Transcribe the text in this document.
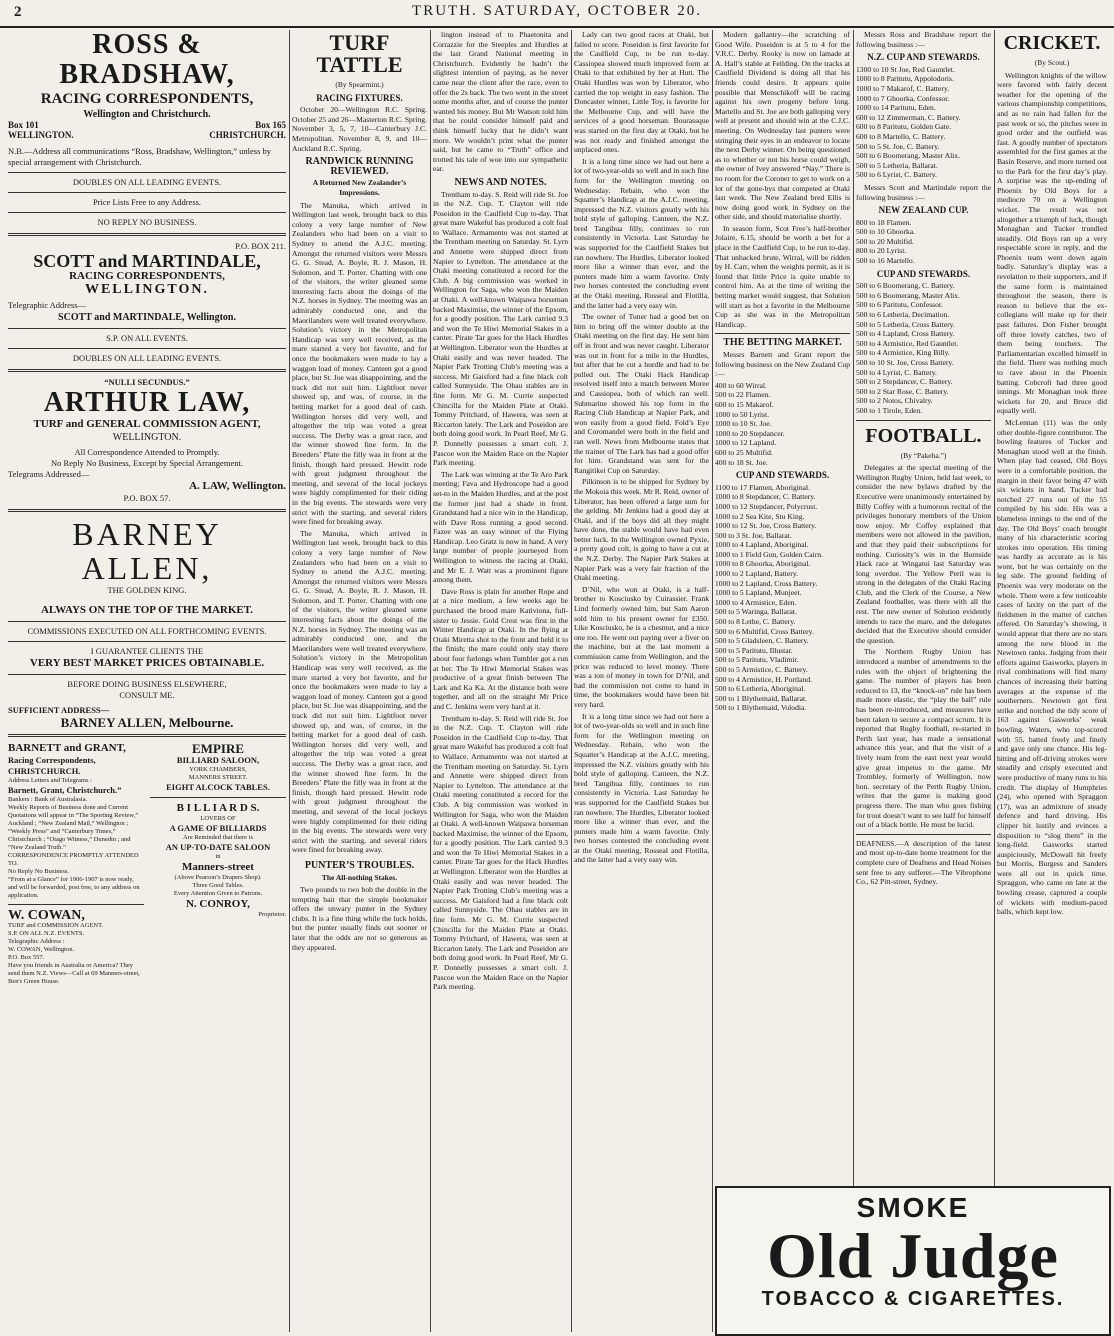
2	TRUTH. SATURDAY, OCTOBER 20.
ROSS & BRADSHAW,
RACING CORRESPONDENTS,
Wellington and Christchurch.
Box 101	Box 165
WELLINGTON.	CHRISTCHURCH.
N.B.—Address all communications “Ross, Bradshaw, Wellington,” unless by special arrangement with Christchurch.
DOUBLES ON ALL LEADING EVENTS.
Price Lists Free to any Address.
NO REPLY NO BUSINESS.
P.O. BOX 211.
SCOTT and MARTINDALE,
RACING CORRESPONDENTS,
WELLINGTON.
Telegraphic Address—
SCOTT and MARTINDALE, Wellington.
S.P. ON ALL EVENTS.
DOUBLES ON ALL LEADING EVENTS.
“NULLI SECUNDUS.”
ARTHUR LAW,
TURF and GENERAL COMMISSION AGENT,
WELLINGTON.
All Correspondence Attended to Promptly.
No Reply No Business, Except by Special Arrangement.
Telegrams Addressed—
A. LAW, Wellington.
P.O. BOX 57.
BARNEY ALLEN,
THE GOLDEN KING.
ALWAYS ON THE TOP OF THE MARKET.
COMMISSIONS EXECUTED ON ALL FORTHCOMING EVENTS.
I GUARANTEE CLIENTS THE
VERY BEST MARKET PRICES OBTAINABLE.
BEFORE DOING BUSINESS ELSEWHERE,
CONSULT ME.
SUFFICIENT ADDRESS—
BARNEY ALLEN, Melbourne.
BARNETT and GRANT,
Racing Correspondents,
CHRISTCHURCH.
Address Letters and Telegrams :
Barnett, Grant, Christchurch.”
Bankers : Bank of Australasia.
Weekly Reports of Business done and Current Quotations will appear in “The Sporting Review,” Auckland ; “New Zealand Mail,” Wellington ; “Weekly Press” and “Canterbury Times,” Christchurch ; “Otago Witness,” Dunedin ; and “New Zealand Truth.”
CORRESPONDENCE PROMPTLY ATTENDED TO.
No Reply No Business.
“From at a Glance” for 1906-1907 is now ready, and will be forwarded, post free, to any address on application.
W. COWAN,
TURF and COMMISSION AGENT.
S.P. ON ALL N.Z. EVENTS.
Telegraphic Address :
W. COWAN, Wellington.
P.O. Box 557.
Have you friends in Australia or America? They send them N.Z. Views—Call at 69 Manners-street, Ben's Green House.
EMPIRE
BILLIARD SALOON,
YORK CHAMBERS,
MANNERS STREET.
EIGHT ALCOCK TABLES.
B I L L I A R D S.
LOVERS OF
A GAME OF BILLIARDS
Are Reminded that there is
AN UP-TO-DATE SALOON
in
Manners-street
(Above Pearson’s Drapers Shop).
Three Good Tables.
Every Attention Given to Patrons.
N. CONROY,
Proprietor.
TURF TATTLE
(By Spearmint.)
RACING FIXTURES.

October 20—Wellington R.C. Spring. October 25 and 26—Masterton R.C. Spring. November 3, 5, 7, 10—Canterbury J.C. Metropolitan. November 8, 9, and 10—Auckland R.C. Spring.

RANDWICK RUNNING REVIEWED.
A Returned New Zealander’s Impressions.

The Manuka, which arrived in Wellington last week, brought back to this colony a very large number of New Zealanders who had been on a visit to Sydney to attend the A.J.C. meeting. Amongst the returned visitors were Messrs G. G. Stead, A. Boyle, R. J. Mason, H. Solomon, and T. Porter. Chatting with one of the visitors, the writer gleaned some interesting facts about the doings of the N.Z. horses in Sydney. The meeting was an admirably conducted one, and the Maorilanders were well treated everywhere. Solution’s victory in the Metropolitan Handicap was very well received, as the mare started a very hot favorite, and for once the bookmakers were made to lay a waggon load of money. Canteen got a good place, but St. Joe was disappointing, and the track did not suit him. Lightfoot never showed up, and was, of course, in the betting market for a good deal of cash. Wellington horses did very well, and altogether the trip was voted a great success. The Derby was a great race, and the winner showed fine form. In the Breeders’ Plate the filly was in front at the finish, though hard pressed. Hewitt rode with great judgment throughout the meeting, and several of the local jockeys were highly complimented for their riding in the big events. The stewards were very strict with the starting, and several riders were fined for breaking away.

The Manuka, which arrived in Wellington last week, brought back to this colony a very large number of New Zealanders who had been on a visit to Sydney to attend the A.J.C. meeting. Amongst the returned visitors were Messrs G. G. Stead, A. Boyle, R. J. Mason, H. Solomon, and T. Porter. Chatting with one of the visitors, the writer gleaned some interesting facts about the doings of the N.Z. horses in Sydney. The meeting was an admirably conducted one, and the Maorilanders were well treated everywhere. Solution’s victory in the Metropolitan Handicap was very well received, as the mare started a very hot favorite, and for once the bookmakers were made to lay a waggon load of money. Canteen got a good place, but St. Joe was disappointing, and the track did not suit him. Lightfoot never showed up, and was, of course, in the betting market for a good deal of cash. Wellington horses did very well, and altogether the trip was voted a great success. The Derby was a great race, and the winner showed fine form. In the Breeders’ Plate the filly was in front at the finish, though hard pressed. Hewitt rode with great judgment throughout the meeting, and several of the local jockeys were highly complimented for their riding in the big events. The stewards were very strict with the starting, and several riders were fined for breaking away.

PUNTER’S TROUBLES.
The All-nothing Stakes.

Two pounds to two bob the double in the tempting bait that the simple bookmaker offers the unwary punter in the Sydney clubs. It is a fine thing while the luck holds, but the punter usually finds out sooner or later that the odds are not so generous as they appeared.

lington instead of to Phaetonita and Corrazzie for the Steeples and Hurdles at the last Grand National meeting in Christchurch. Evidently he hadn’t the slightest intention of paying, as he never came near the client after the race, even to offer the 2s back. The two went in the street some months after, and of course the punter wanted his money. But Mr Watson told him that he could consider himself paid and think himself lucky that he didn’t want more. We wouldn’t print what the punter said, but he came to “Truth” office and trotted his tale of woe into our sympathetic ear.

NEWS AND NOTES.

Trentham to-day. S. Reid will ride St. Joe in the N.Z. Cup. T. Clayton will ride Poseidon in the Caulfield Cup to-day. That great mare Wakeful has produced a colt foal to Wallace. Armamento was not started at the Trentham meeting on Saturday. St. Lyrn and Annette were shipped direct from Napier to Lyttelton. The attendance at the Otaki meeting constituted a record for the Club. A big commission was worked in Wellington for Saga, who won the Maiden at Otaki. A well-known Waipawa horseman backed Maximise, the winner of the Epsom, for a goodly position. The Lark carried 9.3 and won the Te Hiwi Memorial Stakes in a canter. Pirate Tar goes for the Hack Hurdles at Wellington. Liberator won the Hurdles at Otaki easily and was never headed. The Napier Park Trotting Club’s meeting was a success. Mr Gaisford had a fine black colt called Sunnyside. The Ohau stables are in fine form. Mr G. M. Currie suspected Chincilla for the Maiden Plate at Otaki. Tommy Pritchard, of Hawera, was seen at Riccarton lately. The Lark and Poseidon are both doing good work. In Pearl Reef, Mr G. P. Donnelly possesses a smart colt. J. Pascoe won the Maiden Race on the Napier Park meeting.

The Lark was winning at the Te Aro Park meeting; Fava and Hydroscope had a good set-to in the Maiden Hurdles, and at the post the former just had a shade in front. Grandstand had a nice win in the Handicap, with Dave Ross running a good second. Fazee was an easy winner of the Flying Handicap. Leo Gratz is now in hand. A very large number of people journeyed from Wellington to witness the racing at Otaki, and Mr E. J. Watt was a prominent figure among them.

Dave Ross is plain for another Rope and at a nice medium, a few weeks ago he purchased the brood mare Kativiona, full-sister to Jessie. Gold Crest was first in the Winter Handicap at Otaki. In the flying at Otaki Miretta shot to the front and held it to the finish; the mare could only stay there about four furlongs when Tumbler got a run at her. The Te Hiwi Memorial Stakes was productive of a great finish between The Lark and Ka Ka. At the distance both were together, and all on the straight Mr Price and C. Jenkins were very hard at it.

Trentham to-day. S. Reid will ride St. Joe in the N.Z. Cup. T. Clayton will ride Poseidon in the Caulfield Cup to-day. That great mare Wakeful has produced a colt foal to Wallace. Armamento was not started at the Trentham meeting on Saturday. St. Lyrn and Annette were shipped direct from Napier to Lyttelton. The attendance at the Otaki meeting constituted a record for the Club. A big commission was worked in Wellington for Saga, who won the Maiden at Otaki. A well-known Waipawa horseman backed Maximise, the winner of the Epsom, for a goodly position. The Lark carried 9.3 and won the Te Hiwi Memorial Stakes in a canter. Pirate Tar goes for the Hack Hurdles at Wellington. Liberator won the Hurdles at Otaki easily and was never headed. The Napier Park Trotting Club’s meeting was a success. Mr Gaisford had a fine black colt called Sunnyside. The Ohau stables are in fine form. Mr G. M. Currie suspected Chincilla for the Maiden Plate at Otaki. Tommy Pritchard, of Hawera, was seen at Riccarton lately. The Lark and Poseidon are both doing good work. In Pearl Reef, Mr G. P. Donnelly possesses a smart colt. J. Pascoe won the Maiden Race on the Napier Park meeting.

Lady can two good races at Otaki, but failed to score. Poseidon is first favorite for the Caulfield Cup, to be run to-day. Cassiopea showed much improved form at Otaki to that exhibited by her at Hutt. The Otaki Hurdles was won by Liberator, who carried the top weight in easy fashion. The Doncaster winner, Little Toy, is favorite for the Melbourne Cup, and will have the services of a good horseman. Bourassque was started on the first day at Otaki, but he was not ready and finished amongst the unplaced ones.

It is a long time since we had out here a lot of two-year-olds so well and in such fine form for the Wellington meeting on Wednesday. Rebain, who won the Squatter’s Handicap at the A.J.C. meeting, impressed the N.Z. visitors greatly with his bold style of galloping. Canteen, the N.Z. bred Tangihua filly, continues to run consistently in Victoria. Last Saturday he was supported for the Caulfield Stakes but ran nowhere. The Hurdles, Liberator looked more like a winner than ever, and the punters made him a warm favorite. Only two horses contested the concluding event at the Otaki meeting, Rosseal and Flotilla, and the latter had a very easy win.

The owner of Tuner had a good bet on him to bring off the winter double at the Otaki meeting on the first day. He sent him off in front and was never caught. Liberator was out in front for a mile in the Hurdles, but after that he cut a hurdle and had to be pulled out. The Otaki Hack Handicap resolved itself into a match between Moree and Cassiopea, both of which ran well. Submarine showed his top form in the Racing Club Handicap at Napier Park, and won easily from a good field. Fold’s Eye and Coromandel were both in the field and ran well. News from Melbourne states that the trainer of The Lark has had a good offer for him. Grandstand was sent for the Rangitikei Cup on Saturday.

Pilkinson is to be shipped for Sydney by the Mokoia this week. Mr R. Reid, owner of Liberator, has been offered a large sum for the gelding. Mr Jenkins had a good day at Otaki, and if the boys did all they might have done, the stable would have had even better luck. In the Wellington owned Pyxie, a pretty good colt, is going to have a cut at the N.Z. Derby. The Napier Park Stakes at Napier Park was a very fair fraction of the Otaki meeting.

D’Nil, who won at Otaki, is a half-brother to Kosciusko by Cuirassier. Frank Lind formerly owned him, but Sam Aaron sold him to his present owner for £350. Like Kosciusko, he is a chestnut, and a nice one too. He went out paying over a fiver on the machine, but at the last moment a commission came from Wellington, and the price was reduced to level money. There was a ton of money in town for D’Nil, and had the commission not come to hand in time, the bookmakers would have been hit very hard.

It is a long time since we had out here a lot of two-year-olds so well and in such fine form for the Wellington meeting on Wednesday. Rebain, who won the Squatter’s Handicap at the A.J.C. meeting, impressed the N.Z. visitors greatly with his bold style of galloping. Canteen, the N.Z. bred Tangihua filly, continues to run consistently in Victoria. Last Saturday he was supported for the Caulfield Stakes but ran nowhere. The Hurdles, Liberator looked more like a winner than ever, and the punters made him a warm favorite. Only two horses contested the concluding event at the Otaki meeting, Rosseal and Flotilla, and the latter had a very easy win.

Modern gallantry—the scratching of Good Wife. Poseidon is at 5 to 4 for the V.R.C. Derby. Rooky is now on lamade at A. Hall’s stable at Feilding. On the tracks at Caulfield Dividend is doing all that his friends could desire. It appears quite possible that Menschikoff will be racing against his own progeny before long. Martello and St. Joe are both galloping very well at present and should win at the C.J.C. meeting. On Wednesday last punters were stringing their eyes in an endeavor to locate the next Derby winner. On being questioned as to whether or not his horse could weigh, the owner of Ivey answered “Nay.” There is no room for the Coroner to get to work on a lot of the gone-bys that competed at Otaki last week. The New Zealand bred Ellis is now doing good work in Sydney on the other side, and should materialise shortly.

In season form, Scot Free’s half-brother Jolaire, 6.15, should be worth a bet for a place in the Caulfield Cup, to be run to-day. That unbacked brute, Wirral, will be ridden by H. Carr, when the weights permit, as it is found that little Price is quite unable to control him. As at the time of writing the betting market would suggest, that Solution will start as hot a favorite in the Melbourne Cup as she was in the Metropolitan Handicap.

THE BETTING MARKET.

Messrs Barnett and Grant report the following business on the New Zealand Cup :—

400 to 60 Wirral.
500 to 22 Flamen.
600 to 15 Makarof.
1000 to 50 Lyrist.
1000 to 10 St. Joe.
1000 to 20 Stepdancer.
1000 to 12 Lapland.
600 to 25 Multifid.
400 to 18 St. Joe.
CUP AND STEWARDS.
1100 to 17 Flamen, Aboriginal.
1000 to 8 Stepdancer, C. Battery.
1000 to 12 Stepdancer, Polycrust.
1000 to 2 Sea Kite, Stu King.
1000 to 12 St. Joe, Cross Battery.
500 to 3 St. Joe, Ballarat.
1000 to 4 Lapland, Aboriginal.
1000 to 1 Field Gun, Golden Cairn.
1000 to 8 Ghoorka, Aboriginal.
1000 to 2 Lapland, Battery.
1000 to 2 Lapland, Cross Battery.
1000 to 5 Lapland, Munjeet.
1000 to 4 Armistice, Eden.
500 to 5 Waringa, Ballarat.
500 to 8 Lethe, C. Battery.
500 to 6 Multifid, Cross Battery.
500 to 5 Gladsleen, C. Battery.
500 to 5 Paritutu, Illustar.
500 to 5 Paritutu, Vladimir.
500 to 5 Armistice, C. Battery.
500 to 4 Armistice, H. Portland.
500 to 6 Letheria, Aboriginal.
500 to 1 Blythemaid, Ballarat.
500 to 1 Blythemaid, Volodia.

Messrs Ross and Bradshaw report the following business :—

N.Z. CUP AND STEWARDS.
1300 to 10 St Joe, Red Gauntlet.
1000 to 8 Paritutu, Appolodoris.
1000 to 7 Makarof, C. Battery.
1000 to 7 Ghoorka, Confessor.
1000 to 14 Paritutu, Eden.
600 to 12 Zimmerman, C. Battery.
600 to 8 Paritutu, Golden Gate.
600 to 8 Martello, C. Battery.
500 to 5 St. Joe, C. Battery.
500 to 6 Boomerang, Master Alix.
500 to 5 Letheria, Ballarat.
500 to 6 Lyrist, C. Battery.

Messrs Scott and Martindale report the following business :—

NEW ZEALAND CUP.
800 to 18 Flamen.
500 to 10 Ghoorka.
500 to 20 Multifid.
800 to 20 Lyrist.
500 to 16 Martello.
CUP AND STEWARDS.
500 to 6 Boomerang, C. Battery.
500 to 6 Boomerang, Master Alix.
500 to 6 Paritutu, Confessor.
500 to 6 Letheria, Decimation.
500 to 5 Letheria, Cross Battery.
500 to 4 Lapland, Cross Battery.
500 to 4 Armistice, Red Gauntlet.
500 to 4 Armistice, King Billy.
500 to 10 St. Joe, Cross Battery.
500 to 4 Lyrist, C. Battery.
500 to 2 Stepdancer, C. Battery.
500 to 2 Star Rose, C. Battery.
500 to 2 Notos, Chivalry.
500 to 1 Tirole, Eden.
FOOTBALL.
(By “Pakeha.”)

Delegates at the special meeting of the Wellington Rugby Union, held last week, to consider the new bylaws drafted by the Executive were unanimously entertained by Billy Coffey with a humorous recital of the privileges honorary members of the Union now enjoy. Mr Coffey explained that members were not allowed in the pavilion, and that they paid their subscriptions for nothing. Curiosity’s win in the Burnside Hack race at Wingatui last Saturday was long overdue. The Yellow Peril was is strong in the delegates of the Otaki Racing Club, and the Clerk of the Course, a New Zealand footballer, was there with all the rest. The new owner of Solution evidently intends to race the mare, and the delegates decided that the Executive should consider the question.

The Northern Rugby Union has introduced a number of amendments to the rules with the object of brightening the game. The number of players has been reduced to 13, the “knock-on” rule has been made more elastic, the “play the ball” rule has been re-introduced, and measures have been taken to secure a compact scrum. It is reported that Rugby football, re-started in Perth last year, has made a sensational advance this year, and that the visit of a lively team from the east next year would give great impetus to the game. Mr Trombley, formerly of Wellington, now hon. secretary of the Perth Rugby Union, writes that the game is making good progress there. The man who goes fishing for trout doesn’t want to see half for himself out of a black bottle. He must be lucid.

DEAFNESS.—A description of the latest and most up-to-date home treatment for the complete cure of Deafness and Head Noises sent free to any sufferer.—The Vibrophone Co., 62 Pitt-street, Sydney.

CRICKET.
(By Scout.)

Wellington knights of the willow were favored with fairly decent weather for the opening of the various championship competitions, and as no rain had fallen for the past week or so, the pitches were in good order and the outfield was fast. A goodly number of spectators assembled for the first games at the Basin Reserve, and more turned out to the Park for the first day’s play. A surprise was the up-ending of Phoenix by Old Boys for a mediocre 70 on a Wellington wicket. The result was not altogether a triumph of luck, though Monaghan and Tucker trundled steadily. Old Boys ran up a very respectable score in reply, and the Phoenix team went down again badly. Saturday’s display was a revelation to their supporters, and if the same form is maintained throughout the season, there is reason to believe that the ex-collegians will make up for their past failures. Don Fisher brought off three lovely catches, two of them being touchers. The Parliamentarian excelled himself in the field. There was nothing much to rave about in the Phoenix batting. Cobcroft had three good innings. Mr Monaghan took three wickets for 20, and Bruce did equally well.

McLennan (11) was the only other double-figure contributor. The bowling features of Tucker and Monaghan stood well at the finish. When play had ceased, Old Boys were in a comfortable position, the margin in their favor being 47 with six wickets in hand. Tucker had notched 27 runs out of the 55 compiled by his side. His was a blameless innings to the end of the day. The Old Boys’ coach brought many of his characteristic scoring strokes into operation. His timing was hardly as accurate as is his wont, but he was certainly on the leg side. The ground fielding of Phoenix was very moderate on the whole. There were a few noticeable cases of laxity on the part of the fieldsmen in the matter of catches offered. On Saturday’s showing, it would appear that there are no stars among the new blood in the Newtown ranks. Judging from their efforts against Gasworks, players in rival combinations will find many chances of increasing their batting averages at the expense of the southerners. Newtown got first strike and notched the tidy score of 163 against Gasworks’ weak bowling. Waters, who top-scored with 55, batted freely and finely and gave only one chance. His leg-hitting and off-driving strokes were steadily and crisply executed and were productive of many runs to his credit. The display of Humphries (24), who opened with Spraggon (17), was an admixture of steady defence and hard driving. His clipper hit lustily and evinces a disposition to “slog them” in the long-field. Gasworks started auspiciously, McDowall hit freely but Morris, Burgess and Sanders were all out in quick time. Spraggon, who came on late at the bowling crease, captured a couple of wickets with medium-paced balls, which kept low.

SMOKE
Old Judge
TOBACCO & CIGARETTES.
